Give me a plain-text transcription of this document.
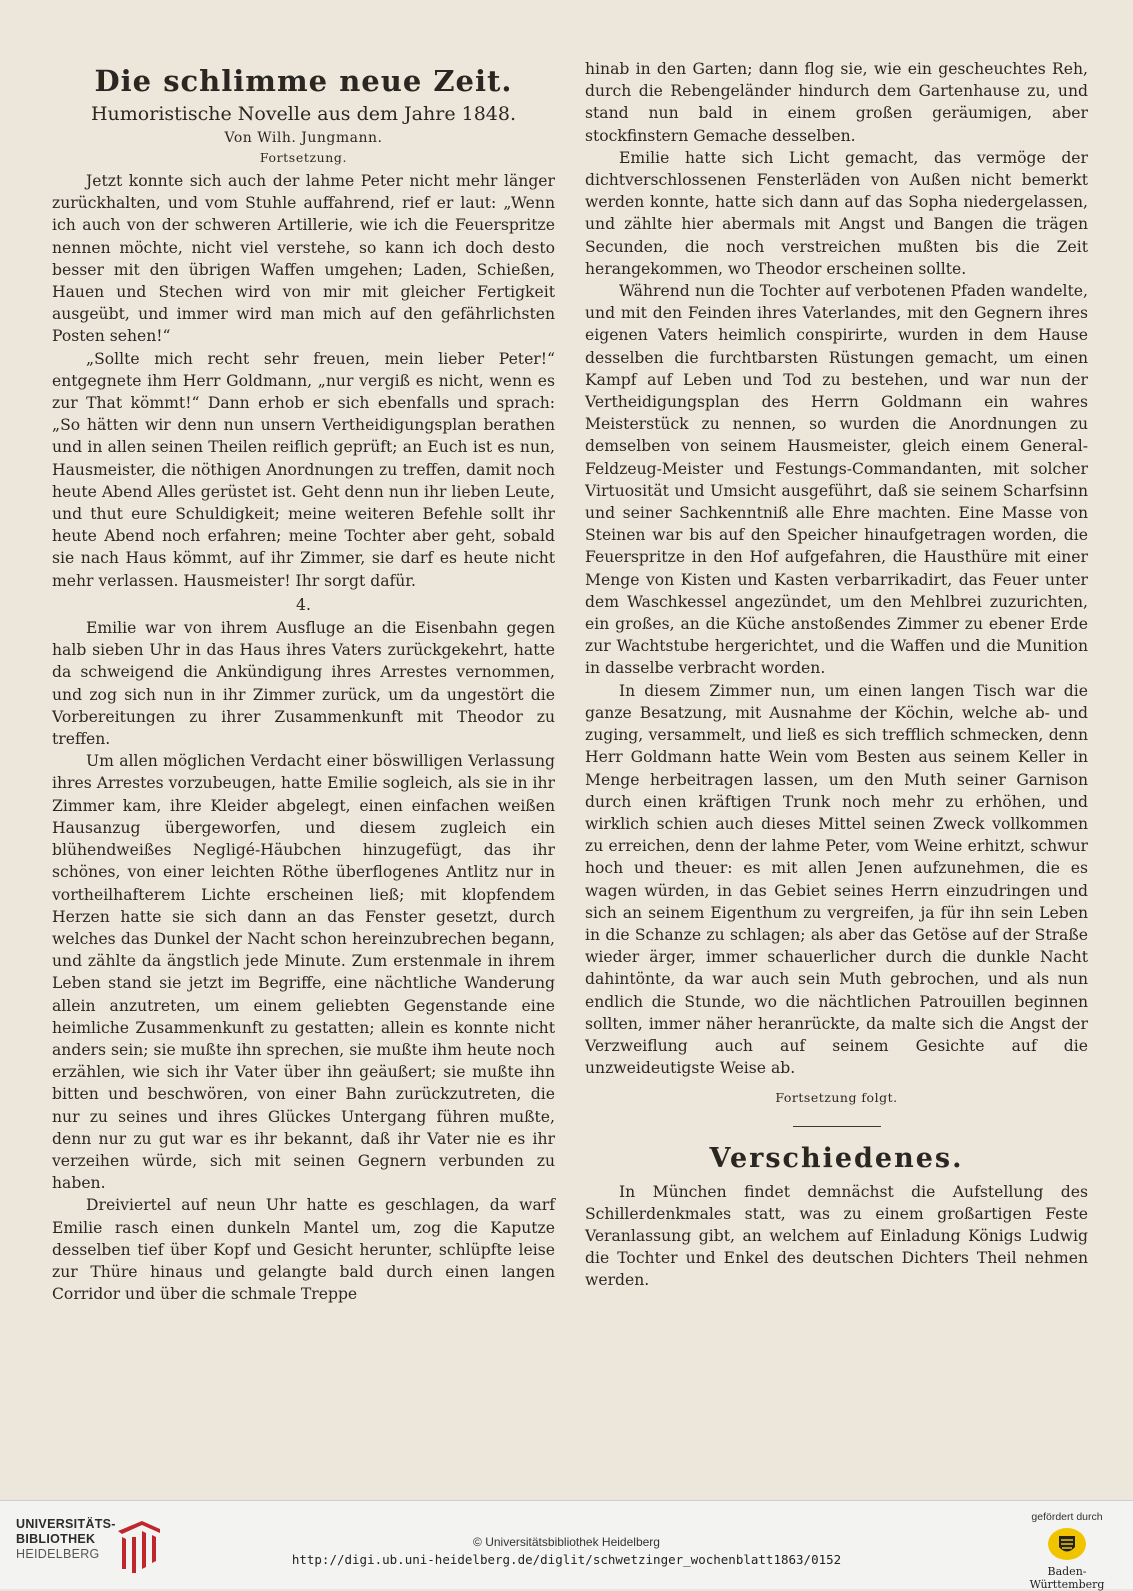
Die schlimme neue Zeit.
Humoristische Novelle aus dem Jahre 1848.
Von Wilh. Jungmann.
Fortsetzung.

Jetzt konnte sich auch der lahme Peter nicht mehr länger zurückhalten, und vom Stuhle auffahrend, rief er laut: „Wenn ich auch von der schweren Artillerie, wie ich die Feuerspritze nennen möchte, nicht viel verstehe, so kann ich doch desto besser mit den übrigen Waffen umgehen; Laden, Schießen, Hauen und Stechen wird von mir mit gleicher Fertigkeit ausgeübt, und immer wird man mich auf den gefährlichsten Posten sehen!“

„Sollte mich recht sehr freuen, mein lieber Peter!“ entgegnete ihm Herr Goldmann, „nur vergiß es nicht, wenn es zur That kömmt!“ Dann erhob er sich ebenfalls und sprach: „So hätten wir denn nun unsern Vertheidigungsplan berathen und in allen seinen Theilen reiflich geprüft; an Euch ist es nun, Hausmeister, die nöthigen Anordnungen zu treffen, damit noch heute Abend Alles gerüstet ist. Geht denn nun ihr lieben Leute, und thut eure Schuldigkeit; meine weiteren Befehle sollt ihr heute Abend noch erfahren; meine Tochter aber geht, sobald sie nach Haus kömmt, auf ihr Zimmer, sie darf es heute nicht mehr verlassen. Hausmeister! Ihr sorgt dafür.

4.

Emilie war von ihrem Ausfluge an die Eisenbahn gegen halb sieben Uhr in das Haus ihres Vaters zurückgekehrt, hatte da schweigend die Ankündigung ihres Arrestes vernommen, und zog sich nun in ihr Zimmer zurück, um da ungestört die Vorbereitungen zu ihrer Zusammenkunft mit Theodor zu treffen.

Um allen möglichen Verdacht einer böswilligen Verlassung ihres Arrestes vorzubeugen, hatte Emilie sogleich, als sie in ihr Zimmer kam, ihre Kleider abgelegt, einen einfachen weißen Hausanzug übergeworfen, und diesem zugleich ein blühendweißes Negligé-Häubchen hinzugefügt, das ihr schönes, von einer leichten Röthe überflogenes Antlitz nur in vortheilhafterem Lichte erscheinen ließ; mit klopfendem Herzen hatte sie sich dann an das Fenster gesetzt, durch welches das Dunkel der Nacht schon hereinzubrechen begann, und zählte da ängstlich jede Minute. Zum erstenmale in ihrem Leben stand sie jetzt im Begriffe, eine nächtliche Wanderung allein anzutreten, um einem geliebten Gegenstande eine heimliche Zusammenkunft zu gestatten; allein es konnte nicht anders sein; sie mußte ihn sprechen, sie mußte ihm heute noch erzählen, wie sich ihr Vater über ihn geäußert; sie mußte ihn bitten und beschwören, von einer Bahn zurückzutreten, die nur zu seines und ihres Glückes Untergang führen mußte, denn nur zu gut war es ihr bekannt, daß ihr Vater nie es ihr verzeihen würde, sich mit seinen Gegnern verbunden zu haben.

Dreiviertel auf neun Uhr hatte es geschlagen, da warf Emilie rasch einen dunkeln Mantel um, zog die Kaputze desselben tief über Kopf und Gesicht herunter, schlüpfte leise zur Thüre hinaus und gelangte bald durch einen langen Corridor und über die schmale Treppe

hinab in den Garten; dann flog sie, wie ein gescheuchtes Reh, durch die Rebengeländer hindurch dem Gartenhause zu, und stand nun bald in einem großen geräumigen, aber stockfinstern Gemache desselben.

Emilie hatte sich Licht gemacht, das vermöge der dichtverschlossenen Fensterläden von Außen nicht bemerkt werden konnte, hatte sich dann auf das Sopha niedergelassen, und zählte hier abermals mit Angst und Bangen die trägen Secunden, die noch verstreichen mußten bis die Zeit herangekommen, wo Theodor erscheinen sollte.

Während nun die Tochter auf verbotenen Pfaden wandelte, und mit den Feinden ihres Vaterlandes, mit den Gegnern ihres eigenen Vaters heimlich conspirirte, wurden in dem Hause desselben die furchtbarsten Rüstungen gemacht, um einen Kampf auf Leben und Tod zu bestehen, und war nun der Vertheidigungsplan des Herrn Goldmann ein wahres Meisterstück zu nennen, so wurden die Anordnungen zu demselben von seinem Hausmeister, gleich einem General-Feldzeug-Meister und Festungs-Commandanten, mit solcher Virtuosität und Umsicht ausgeführt, daß sie seinem Scharfsinn und seiner Sachkenntniß alle Ehre machten. Eine Masse von Steinen war bis auf den Speicher hinaufgetragen worden, die Feuerspritze in den Hof aufgefahren, die Hausthüre mit einer Menge von Kisten und Kasten verbarrikadirt, das Feuer unter dem Waschkessel angezündet, um den Mehlbrei zuzurichten, ein großes, an die Küche anstoßendes Zimmer zu ebener Erde zur Wachtstube hergerichtet, und die Waffen und die Munition in dasselbe verbracht worden.

In diesem Zimmer nun, um einen langen Tisch war die ganze Besatzung, mit Ausnahme der Köchin, welche ab- und zuging, versammelt, und ließ es sich trefflich schmecken, denn Herr Goldmann hatte Wein vom Besten aus seinem Keller in Menge herbeitragen lassen, um den Muth seiner Garnison durch einen kräftigen Trunk noch mehr zu erhöhen, und wirklich schien auch dieses Mittel seinen Zweck vollkommen zu erreichen, denn der lahme Peter, vom Weine erhitzt, schwur hoch und theuer: es mit allen Jenen aufzunehmen, die es wagen würden, in das Gebiet seines Herrn einzudringen und sich an seinem Eigenthum zu vergreifen, ja für ihn sein Leben in die Schanze zu schlagen; als aber das Getöse auf der Straße wieder ärger, immer schauerlicher durch die dunkle Nacht dahintönte, da war auch sein Muth gebrochen, und als nun endlich die Stunde, wo die nächtlichen Patrouillen beginnen sollten, immer näher heranrückte, da malte sich die Angst der Verzweiflung auch auf seinem Gesichte auf die unzweideutigste Weise ab.

Fortsetzung folgt.
Verschiedenes.

In München findet demnächst die Aufstellung des Schillerdenkmales statt, was zu einem großartigen Feste Veranlassung gibt, an welchem auf Einladung Königs Ludwig die Tochter und Enkel des deutschen Dichters Theil nehmen werden.

UNIVERSITÄTS-
BIBLIOTHEK
HEIDELBERG
© Universitätsbibliothek Heidelberg
http://digi.ub.uni-heidelberg.de/diglit/schwetzinger_wochenblatt1863/0152
gefördert durch
Baden-Württemberg
